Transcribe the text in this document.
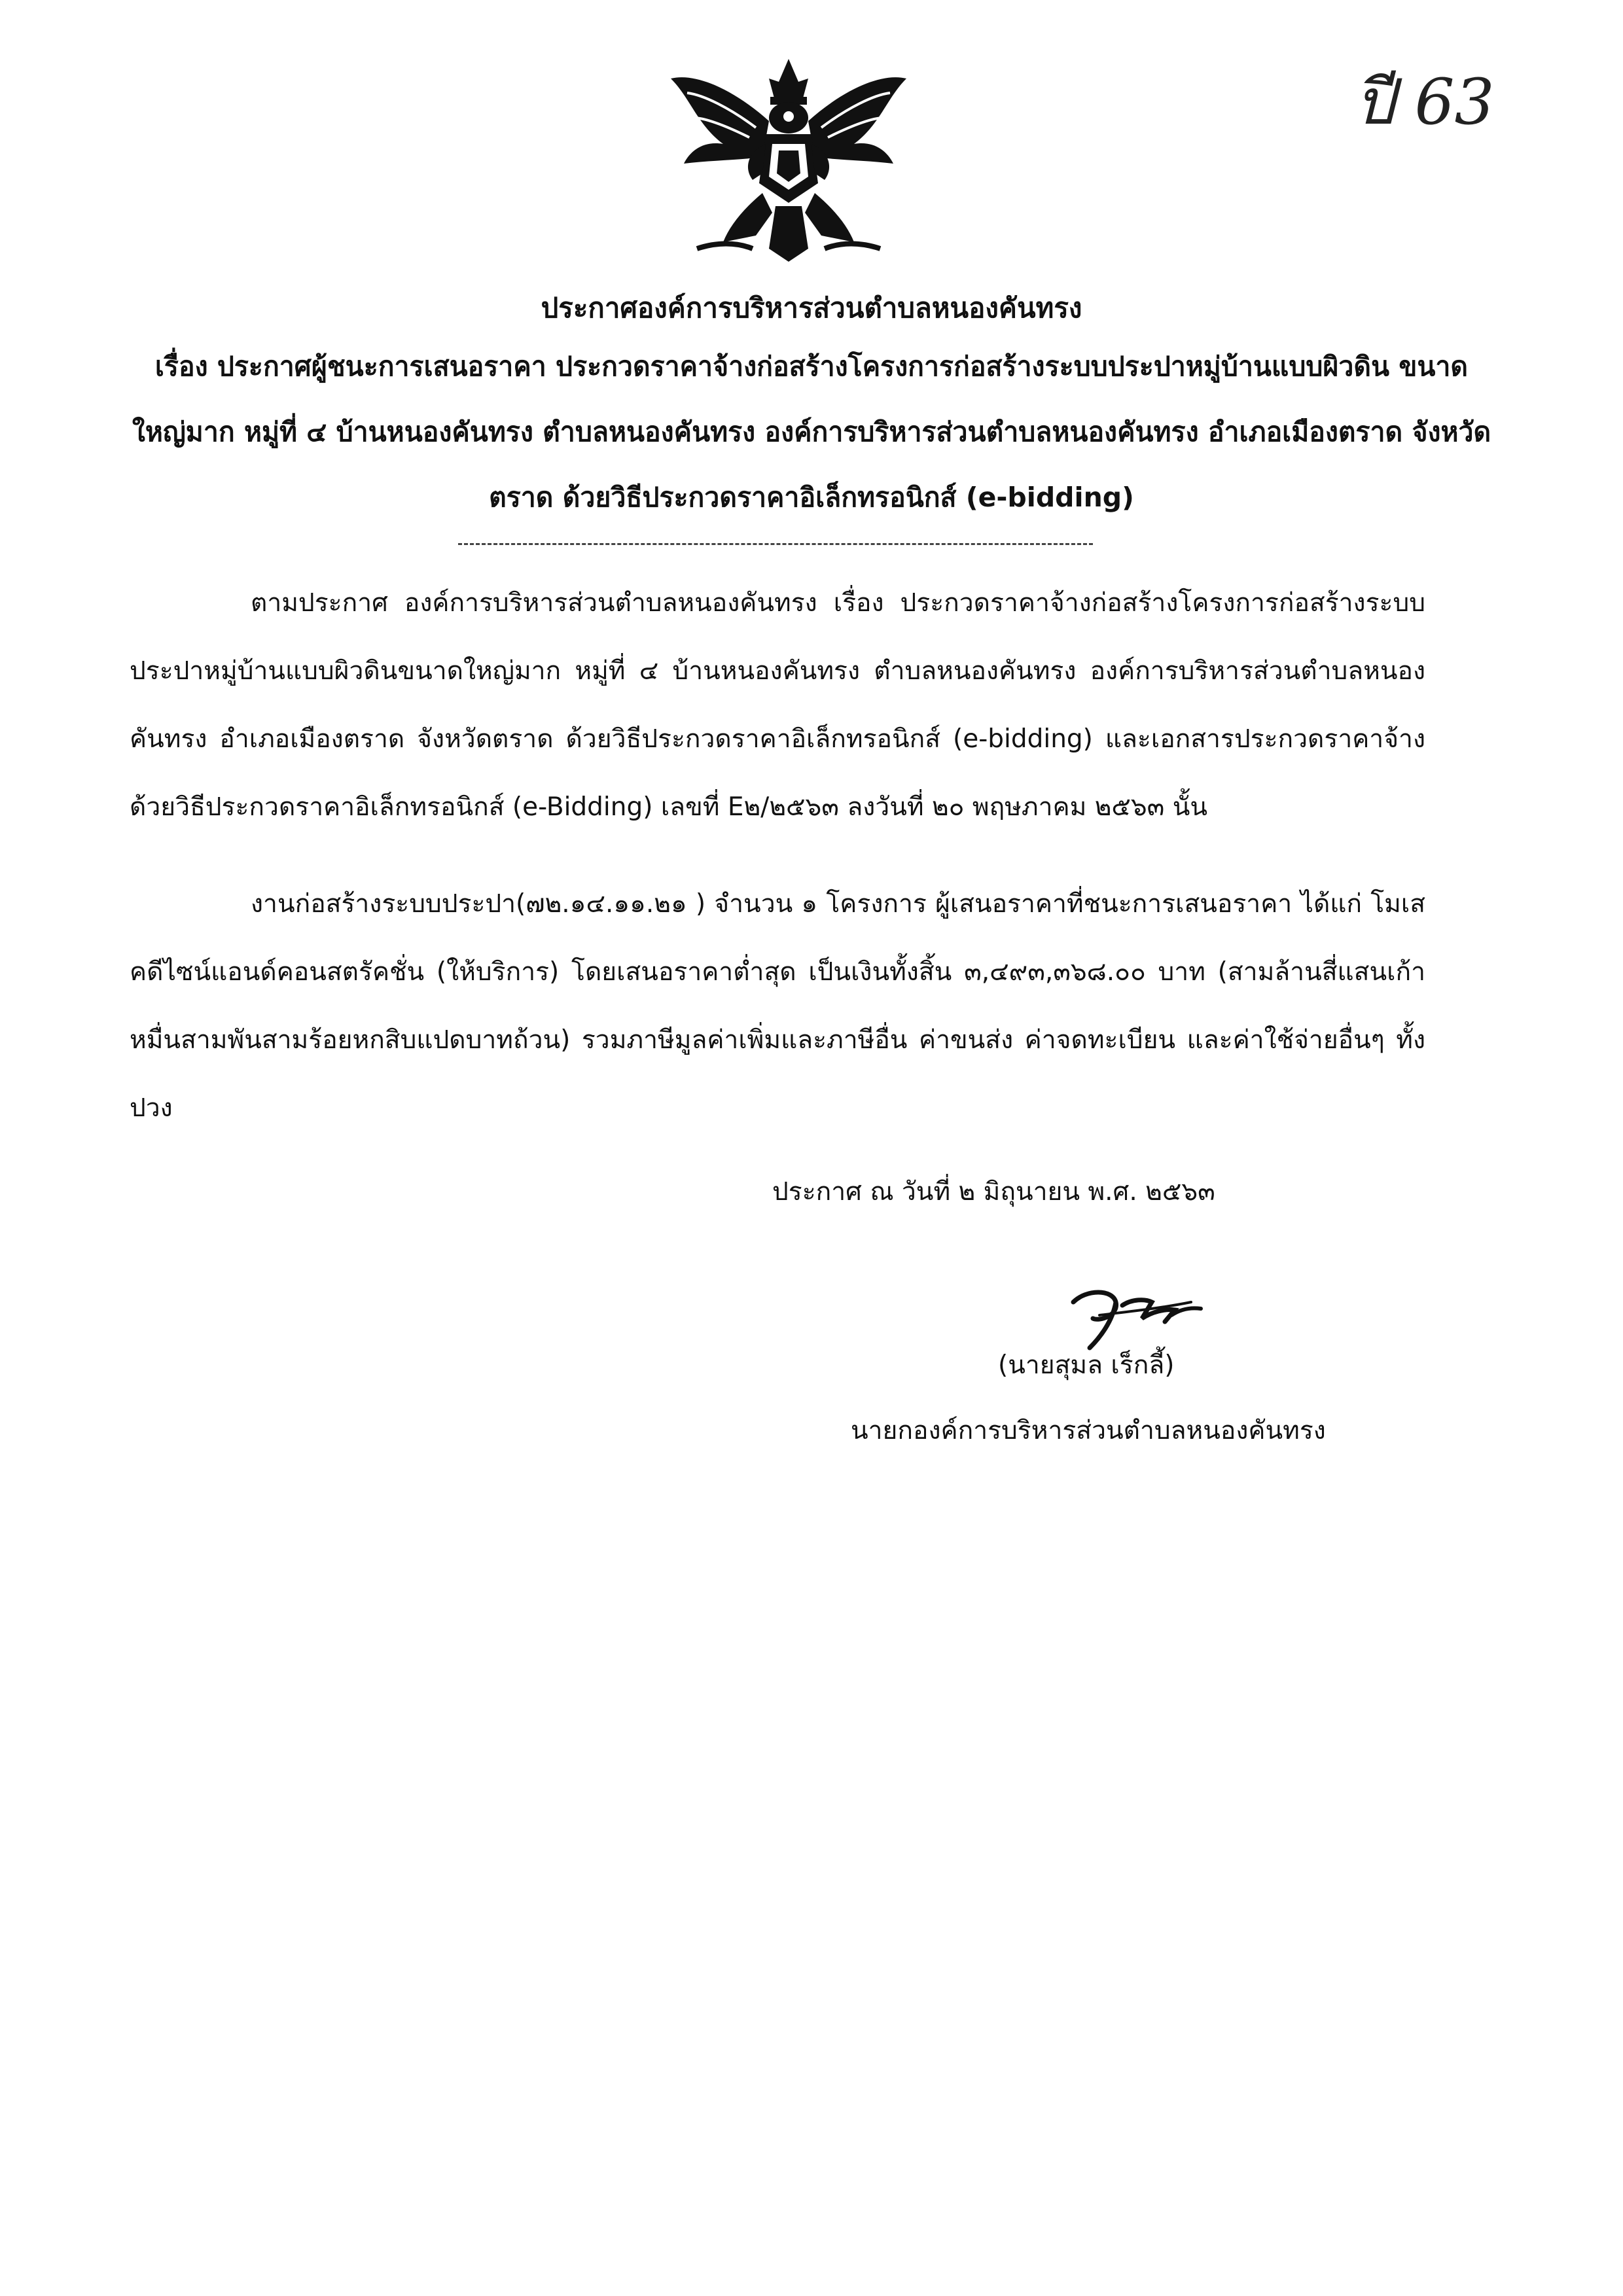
ปี 63
ประกาศองค์การบริหารส่วนตำบลหนองคันทรง
เรื่อง ประกาศผู้ชนะการเสนอราคา ประกวดราคาจ้างก่อสร้างโครงการก่อสร้างระบบประปาหมู่บ้านแบบผิวดิน ขนาดใหญ่มาก หมู่ที่ ๔ บ้านหนองคันทรง ตำบลหนองคันทรง องค์การบริหารส่วนตำบลหนองคันทรง อำเภอเมืองตราด จังหวัดตราด ด้วยวิธีประกวดราคาอิเล็กทรอนิกส์ (e-bidding)
ตามประกาศ องค์การบริหารส่วนตำบลหนองคันทรง เรื่อง ประกวดราคาจ้างก่อสร้างโครงการก่อสร้างระบบประปาหมู่บ้านแบบผิวดินขนาดใหญ่มาก หมู่ที่ ๔ บ้านหนองคันทรง ตำบลหนองคันทรง องค์การบริหารส่วนตำบลหนองคันทรง อำเภอเมืองตราด จังหวัดตราด ด้วยวิธีประกวดราคาอิเล็กทรอนิกส์ (e-bidding) และเอกสารประกวดราคาจ้างด้วยวิธีประกวดราคาอิเล็กทรอนิกส์ (e-Bidding) เลขที่ E๒/๒๕๖๓ ลงวันที่ ๒๐ พฤษภาคม ๒๕๖๓ นั้น
งานก่อสร้างระบบประปา(๗๒.๑๔.๑๑.๒๑ ) จำนวน ๑ โครงการ ผู้เสนอราคาที่ชนะการเสนอราคา ได้แก่ โมเสคดีไซน์แอนด์คอนสตรัคชั่น (ให้บริการ) โดยเสนอราคาต่ำสุด เป็นเงินทั้งสิ้น ๓,๔๙๓,๓๖๘.๐๐ บาท (สามล้านสี่แสนเก้าหมื่นสามพันสามร้อยหกสิบแปดบาทถ้วน) รวมภาษีมูลค่าเพิ่มและภาษีอื่น ค่าขนส่ง ค่าจดทะเบียน และค่าใช้จ่ายอื่นๆ ทั้งปวง
ประกาศ ณ วันที่ ๒ มิถุนายน พ.ศ. ๒๕๖๓
(นายสุมล เร็กลี้)
นายกองค์การบริหารส่วนตำบลหนองคันทรง
